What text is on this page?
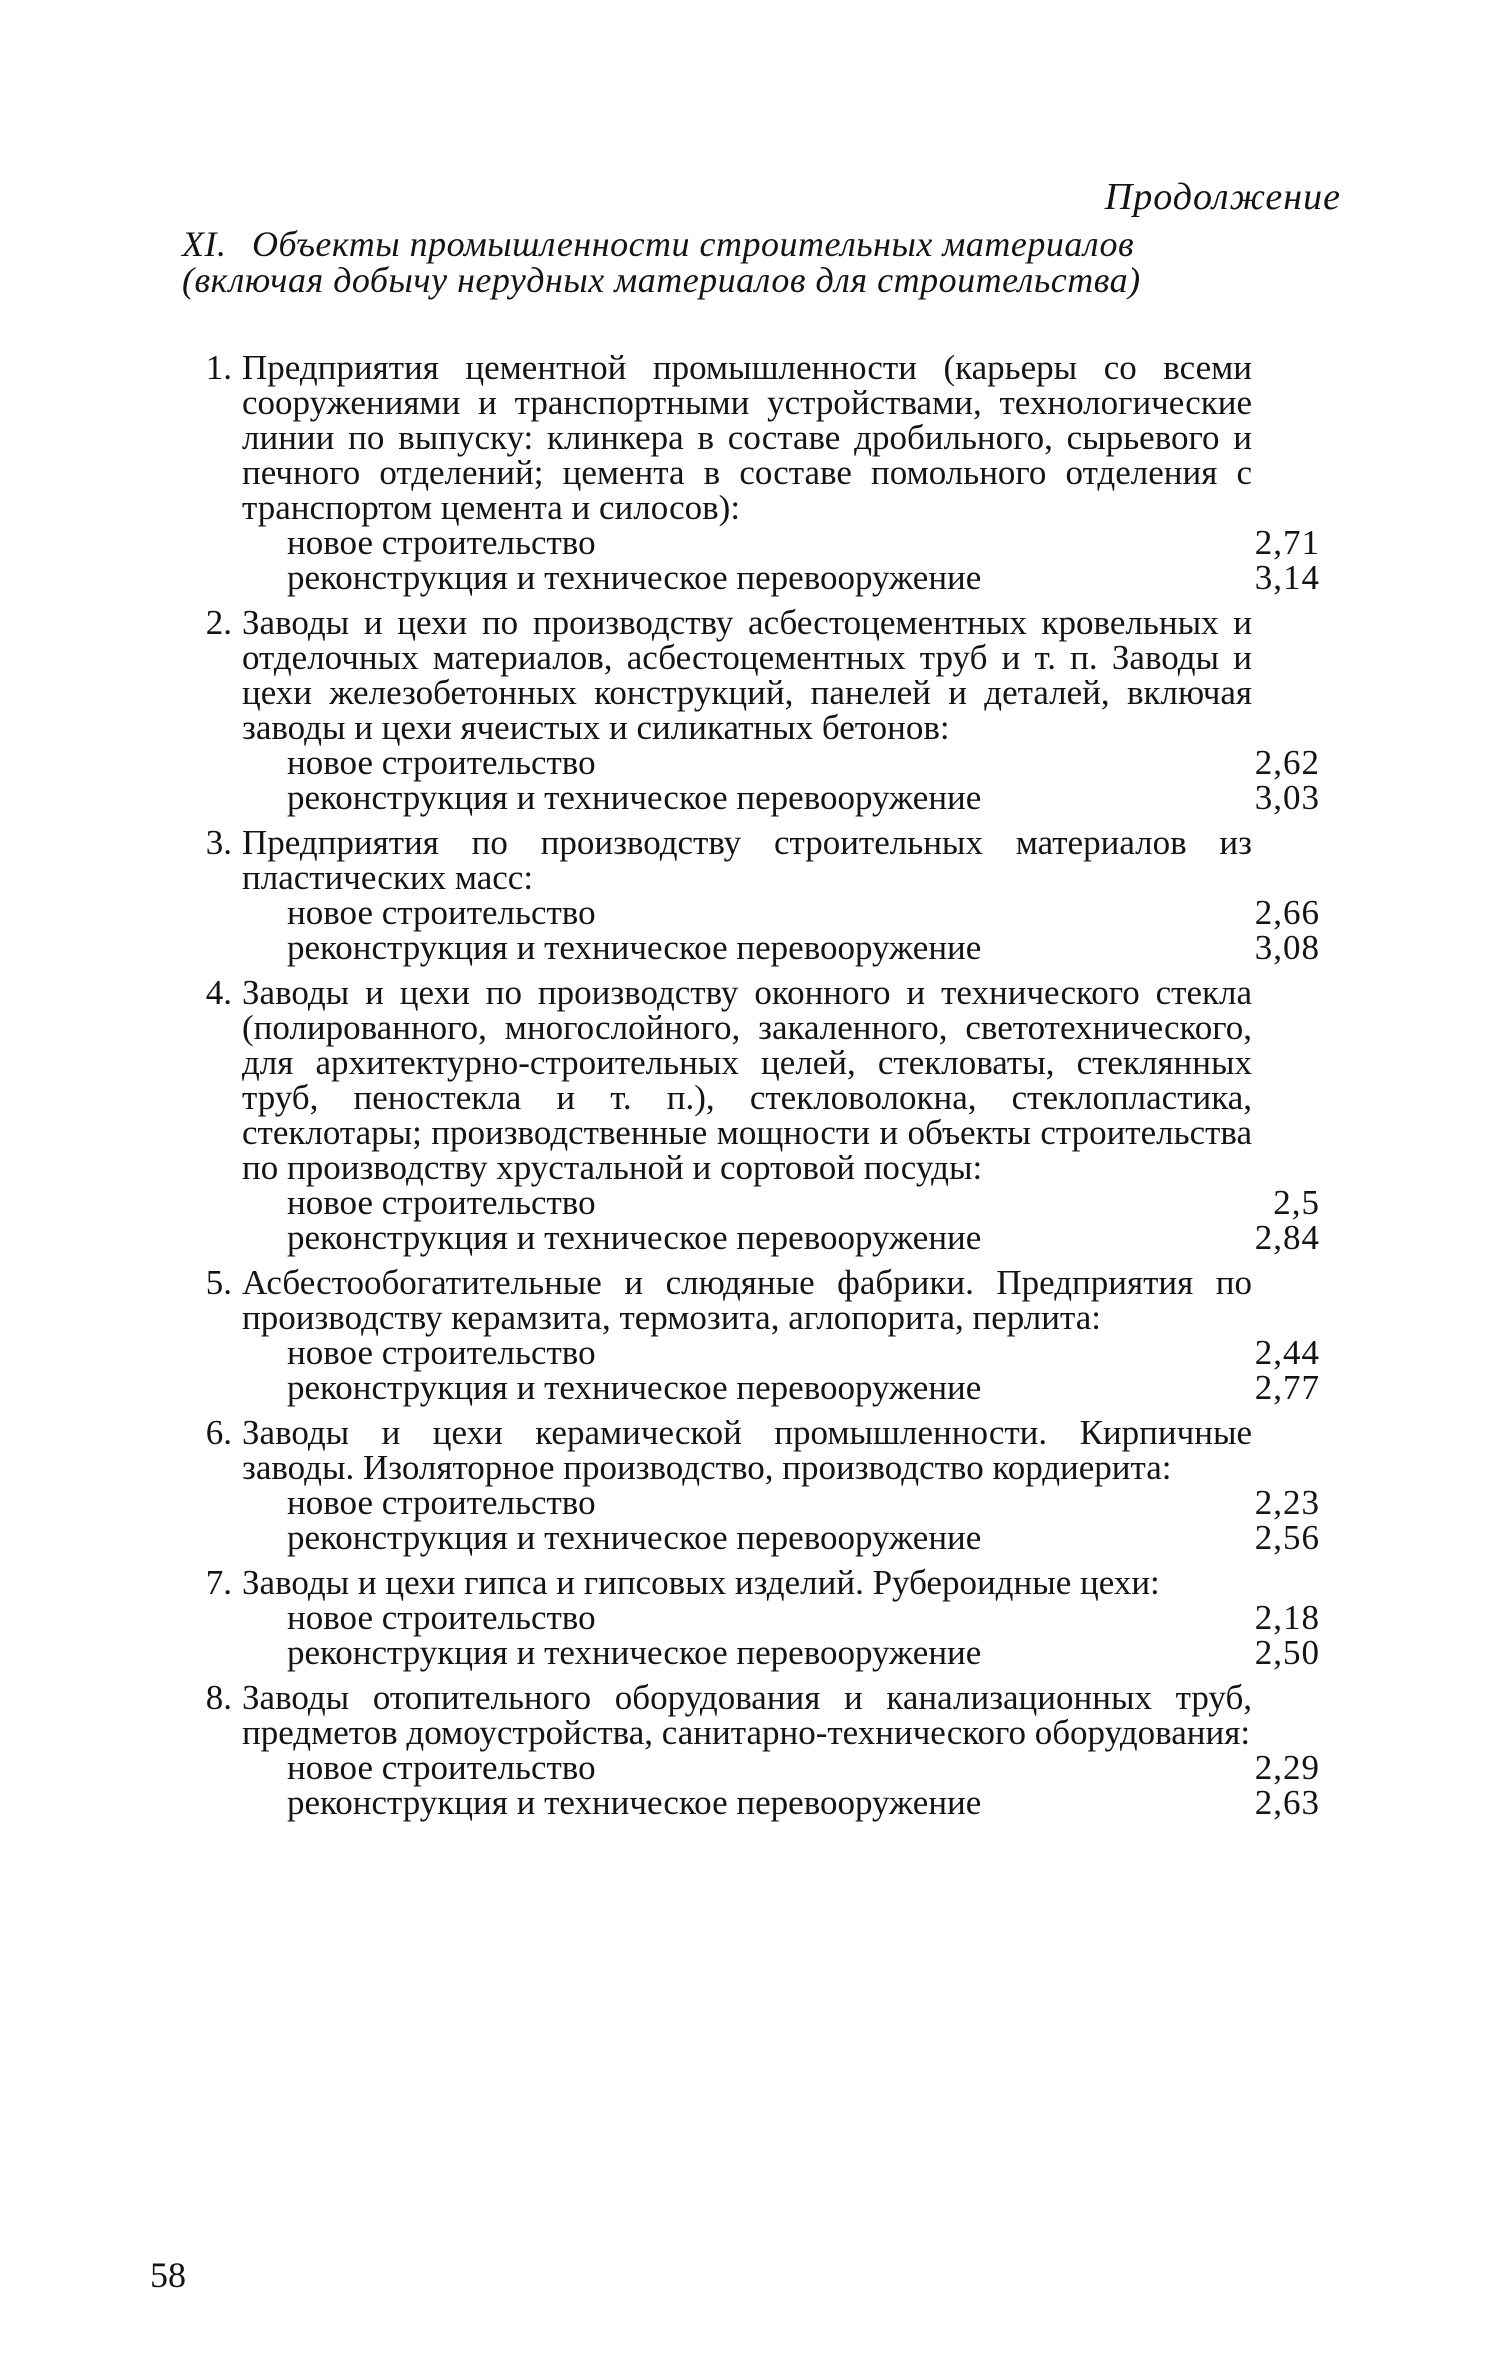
Продолжение
XI. Объекты промышленности строительных материалов (включая добычу нерудных материалов для строительства)
1. Предприятия цементной промышленности (карьеры со всеми сооружениями и транспортными устройствами, технологические линии по выпуску: клинкера в составе дробильного, сырьевого и печного отделений; цемента в составе помольного отделения с транспортом цемента и силосов):
новое строительство	2,71
реконструкция и техническое перевооружение	3,14
2. Заводы и цехи по производству асбестоцементных кровельных и отделочных материалов, асбестоцементных труб и т. п. Заводы и цехи железобетонных конструкций, панелей и деталей, включая заводы и цехи ячеистых и силикатных бетонов:
новое строительство	2,62
реконструкция и техническое перевооружение	3,03
3. Предприятия по производству строительных материалов из пластических масс:
новое строительство	2,66
реконструкция и техническое перевооружение	3,08
4. Заводы и цехи по производству оконного и технического стекла (полированного, многослойного, закаленного, светотехнического, для архитектурно-строительных целей, стекловаты, стеклянных труб, пеностекла и т. п.), стекловолокна, стеклопластика, стеклотары; производственные мощности и объекты строительства по производству хрустальной и сортовой посуды:
новое строительство	2,5
реконструкция и техническое перевооружение	2,84
5. Асбестообогатительные и слюдяные фабрики. Предприятия по производству керамзита, термозита, аглопорита, перлита:
новое строительство	2,44
реконструкция и техническое перевооружение	2,77
6. Заводы и цехи керамической промышленности. Кирпичные заводы. Изоляторное производство, производство кордиерита:
новое строительство	2,23
реконструкция и техническое перевооружение	2,56
7. Заводы и цехи гипса и гипсовых изделий. Рубероидные цехи:
новое строительство	2,18
реконструкция и техническое перевооружение	2,50
8. Заводы отопительного оборудования и канализационных труб, предметов домоустройства, санитарно-технического оборудования:
новое строительство	2,29
реконструкция и техническое перевооружение	2,63
58
